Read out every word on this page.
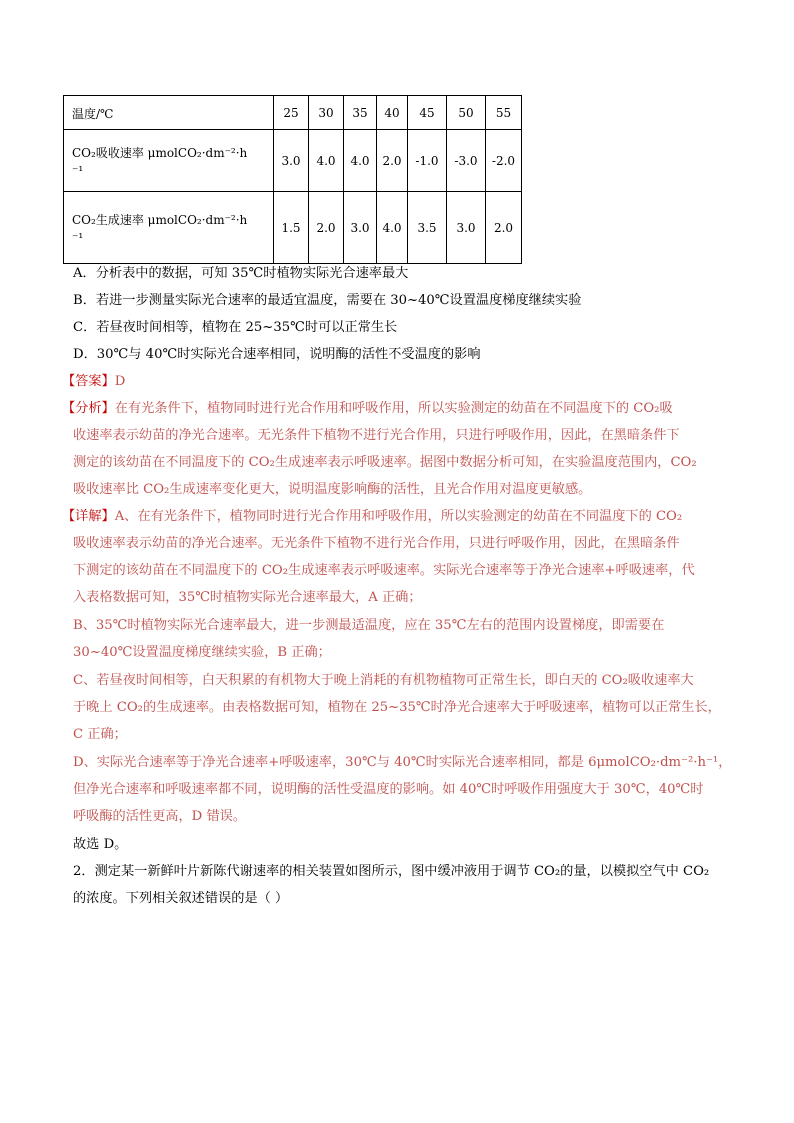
温度/℃	25	30	35	40	45	50	55

CO₂吸收速率 μmolCO₂·dm⁻²·h
⁻¹	3.0	4.0	4.0	2.0	-1.0	-3.0	-2.0

CO₂生成速率 μmolCO₂·dm⁻²·h
⁻¹	1.5	2.0	3.0	4.0	3.5	3.0	2.0
A．分析表中的数据，可知 35℃时植物实际光合速率最大
B．若进一步测量实际光合速率的最适宜温度，需要在 30~40℃设置温度梯度继续实验
C．若昼夜时间相等，植物在 25~35℃时可以正常生长
D．30℃与 40℃时实际光合速率相同，说明酶的活性不受温度的影响
【答案】D
【分析】在有光条件下，植物同时进行光合作用和呼吸作用，所以实验测定的幼苗在不同温度下的 CO₂吸
收速率表示幼苗的净光合速率。无光条件下植物不进行光合作用，只进行呼吸作用，因此，在黑暗条件下
测定的该幼苗在不同温度下的 CO₂生成速率表示呼吸速率。据图中数据分析可知，在实验温度范围内，CO₂
吸收速率比 CO₂生成速率变化更大，说明温度影响酶的活性，且光合作用对温度更敏感。
【详解】A、在有光条件下，植物同时进行光合作用和呼吸作用，所以实验测定的幼苗在不同温度下的 CO₂
吸收速率表示幼苗的净光合速率。无光条件下植物不进行光合作用，只进行呼吸作用，因此，在黑暗条件
下测定的该幼苗在不同温度下的 CO₂生成速率表示呼吸速率。实际光合速率等于净光合速率+呼吸速率，代
入表格数据可知，35℃时植物实际光合速率最大，A 正确；
B、35℃时植物实际光合速率最大，进一步测最适温度，应在 35℃左右的范围内设置梯度，即需要在
30~40℃设置温度梯度继续实验，B 正确；
C、若昼夜时间相等，白天积累的有机物大于晚上消耗的有机物植物可正常生长，即白天的 CO₂吸收速率大
于晚上 CO₂的生成速率。由表格数据可知，植物在 25~35℃时净光合速率大于呼吸速率，植物可以正常生长，
C 正确；
D、实际光合速率等于净光合速率+呼吸速率，30℃与 40℃时实际光合速率相同，都是 6μmolCO₂·dm⁻²·h⁻¹，
但净光合速率和呼吸速率都不同，说明酶的活性受温度的影响。如 40℃时呼吸作用强度大于 30℃，40℃时
呼吸酶的活性更高，D 错误。
故选 D。
2．测定某一新鲜叶片新陈代谢速率的相关装置如图所示，图中缓冲液用于调节 CO₂的量，以模拟空气中 CO₂
的浓度。下列相关叙述错误的是（ ）
